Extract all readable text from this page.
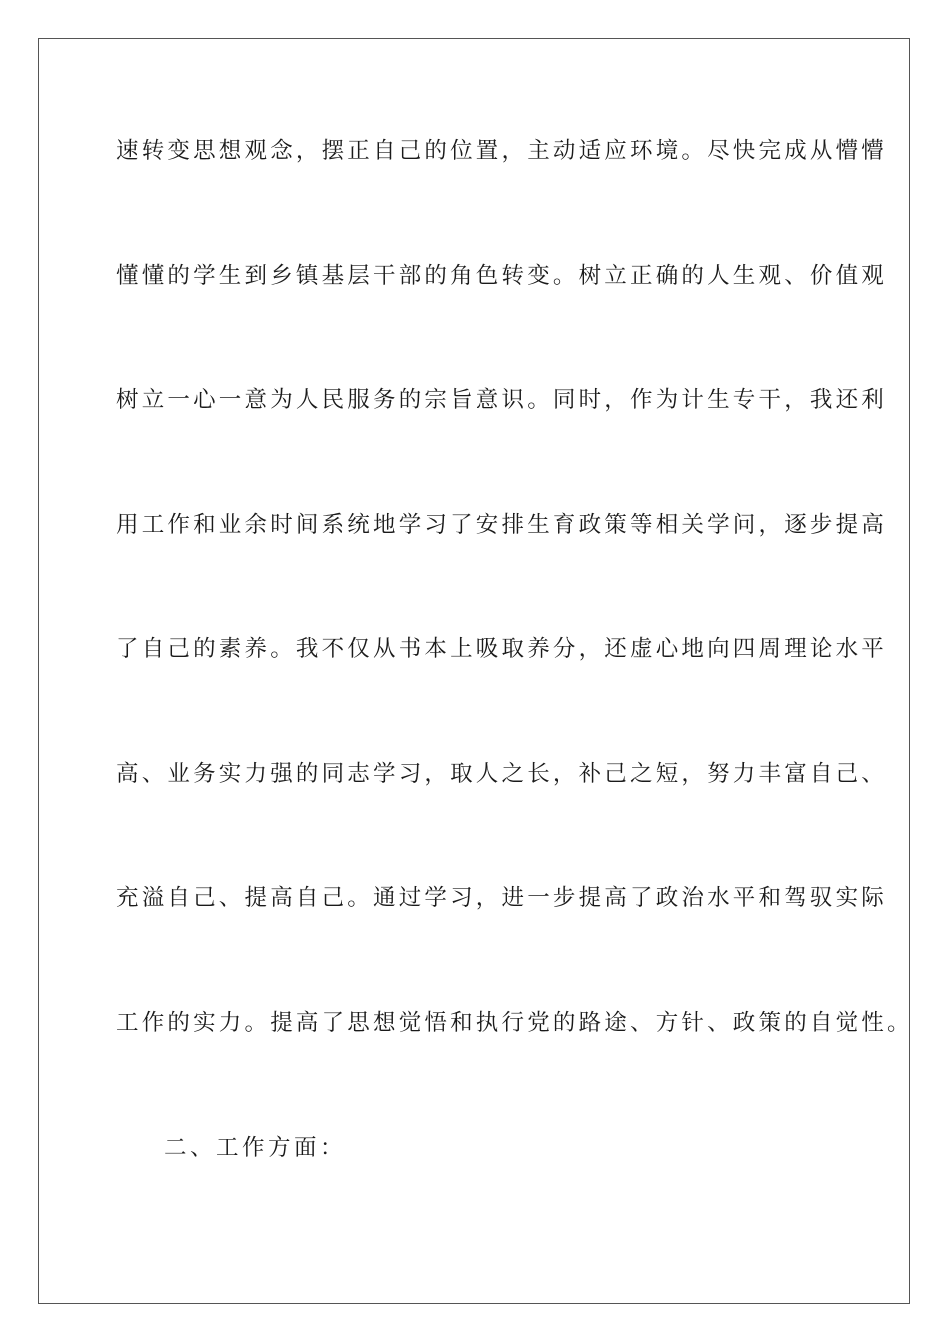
速转变思想观念，摆正自己的位置，主动适应环境。尽快完成从懵懵

懂懂的学生到乡镇基层干部的角色转变。树立正确的人生观、价值观

树立一心一意为人民服务的宗旨意识。同时，作为计生专干，我还利

用工作和业余时间系统地学习了安排生育政策等相关学问，逐步提高

了自己的素养。我不仅从书本上吸取养分，还虚心地向四周理论水平

高、业务实力强的同志学习，取人之长，补己之短，努力丰富自己、

充溢自己、提高自己。通过学习，进一步提高了政治水平和驾驭实际

工作的实力。提高了思想觉悟和执行党的路途、方针、政策的自觉性。

二、工作方面：
